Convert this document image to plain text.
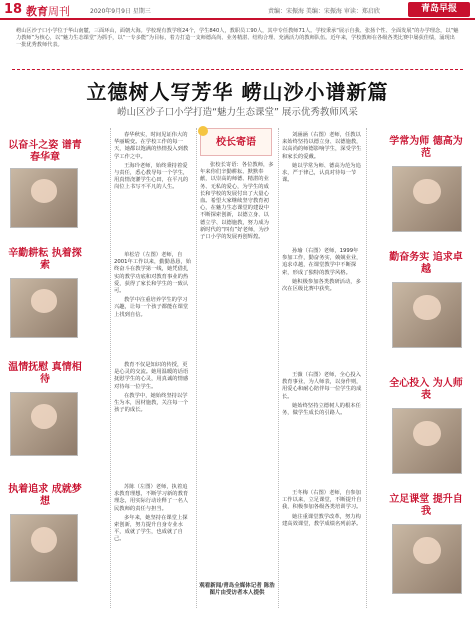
18 教育周刊	2020年9月9日 星期三	责编：宋振海 美编：宋振海 审读：郑启欣	青岛早报
崂山区沙子口小学位于华山南麓，三面环山，面朝大海。学校现有教学班24个，学生840人，教职员工90人，其中专任教师71人。学校秉承“展示自我、张扬个性、全面发展”的办学理念，以“魅力教师”为核心，以“魅力生态课堂”为抓手，以“一专多能”为目标，着力打造一支师德高尚、业务精湛、结构合理、充满活力的教师队伍。近年来，学校教师在各级各类比赛中屡获佳绩，涌现出一批优秀教师代表。
立德树人写芳华 崂山沙小谱新篇
崂山区沙子口小学打造“魅力生态课堂” 展示优秀教师风采
以奋斗之姿 谱青春华章

春华秋实，时间见证伟大的华丽蜕变。在学校工作的每一天，她都以饱满的热情投入到教学工作之中。

王海玲老师，始终秉持着爱与责任，悉心教导每一个学生，用真情浇灌学生心田，在平凡的岗位上书写不平凡的人生。

辛勤耕耘 执着探索

单松岩（左图）老师，自2001年工作以来，勤勤恳恳，始终奋斗在教学第一线，她凭借扎实的教学功底和对教育事业的热爱，获得了家长和学生的一致认可。

教学中注重培养学生的学习兴趣，让每一个孩子都能在课堂上找到自信。

温情抚慰 真情相待

教育不仅是知识的传授，更是心灵的交流。她用温暖的话语抚慰学生的心灵，用真诚的情感对待每一位学生。

在教学中，她始终坚持以学生为本，因材施教，关注每一个孩子的成长。

执着追求 成就梦想

苏陈（左图）老师，执着追求教育理想，不断学习新的教育理念，用实际行动诠释了一名人民教师的责任与担当。

多年来，她坚持在课堂上探索创新，努力提升自身专业水平，成就了学生，也成就了自己。

校长寄语
张校长寄语：各位教师，多年来你们辛勤耕耘、默默奉献，以崇高的师德、精湛的业务、无私的爱心，为学生的成长和学校的发展付出了大量心血。希望大家继续坚守教育初心，在魅力生态课堂的建设中不断探索创新，以德立身、以德立学、以德施教，努力成为新时代的“四有”好老师，为沙子口小学的发展再创辉煌。
观看新闻/青岛全媒体记者 陈浩 图片由受访者本人提供

刘涵涵（右图）老师，任教以来始终坚持以德立身、以德施教，以高尚的师德影响学生，深受学生和家长的爱戴。

她以学常为师、德高为范为追求，严于律己，认真对待每一节课。

学常为师 德高为范

孙瑜（右图）老师，1999年参加工作，勤奋务实，兢兢业业，追求卓越，在课堂教学中不断探索，形成了独特的教学风格。

她积极参加各类教研活动，多次在区级比赛中获奖。

勤奋务实 追求卓越

王薇（右图）老师，全心投入教育事业，为人师表，以身作则，用爱心和耐心陪伴每一位学生的成长。

她始终坚持立德树人的根本任务，做学生成长的引路人。

全心投入 为人师表

王冬梅（右图）老师，自参加工作以来，立足课堂，不断提升自我，积极参加各级各类培训学习。

她注重课堂教学改革，努力构建高效课堂，教学成绩名列前茅。

立足课堂 提升自我
